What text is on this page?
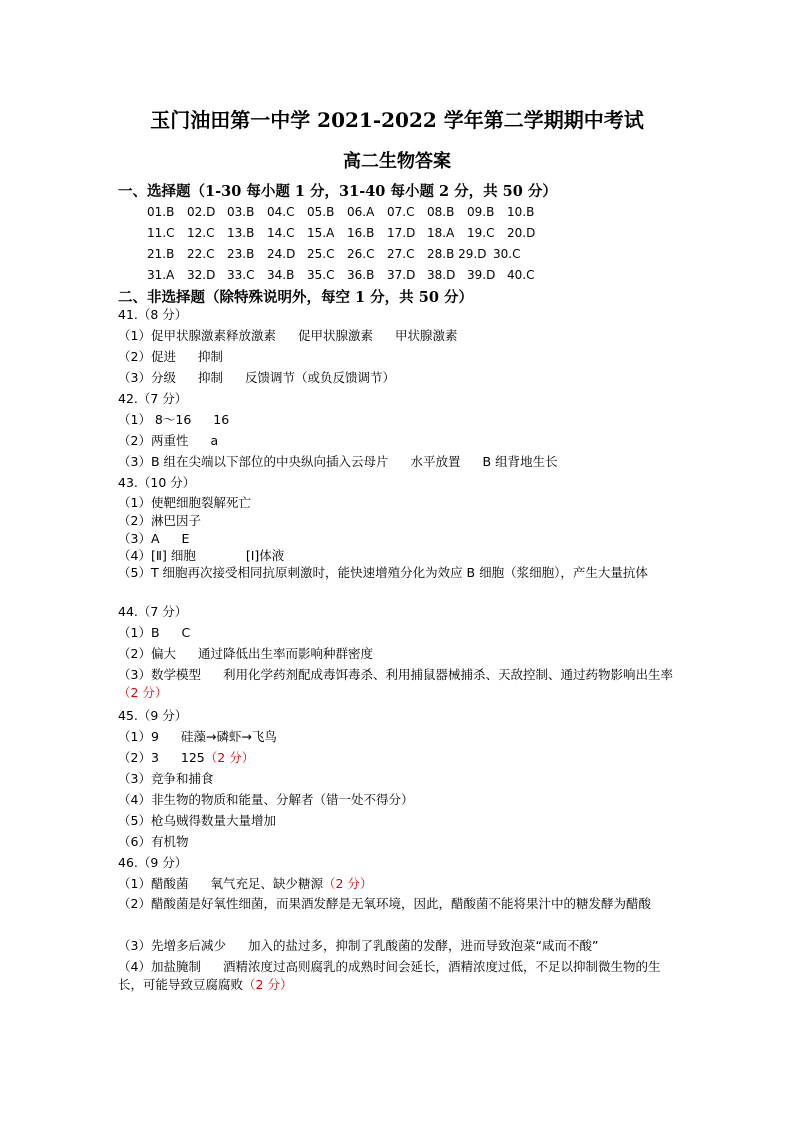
玉门油田第一中学 2021-2022 学年第二学期期中考试
高二生物答案
一、选择题（1-30 每小题 1 分，31-40 每小题 2 分，共 50 分）
01.B 02.D 03.B 04.C 05.B 06.A 07.C 08.B 09.B 10.B
11.C 12.C 13.B 14.C 15.A 16.B 17.D 18.A 19.C 20.D
21.B 22.C 23.B 24.D 25.C 26.C 27.C 28.B 29.D 30.C
31.A 32.D 33.C 34.B 35.C 36.B 37.D 38.D 39.D 40.C
二、非选择题（除特殊说明外，每空 1 分，共 50 分）
41.（8 分）
（1）促甲状腺激素释放激素 促甲状腺激素 甲状腺激素
（2）促进 抑制
（3）分级 抑制 反馈调节（或负反馈调节）
42.（7 分）
（1） 8～16 16
（2）两重性 a
（3）B 组在尖端以下部位的中央纵向插入云母片 水平放置 B 组背地生长
43.（10 分）
（1）使靶细胞裂解死亡
（2）淋巴因子
（3）A E
（4）[Ⅱ] 细胞	[Ⅰ]体液
（5）T 细胞再次接受相同抗原刺激时，能快速增殖分化为效应 B 细胞（浆细胞），产生大量抗体
44.（7 分）
（1）B C
（2）偏大 通过降低出生率而影响种群密度
（3）数学模型 利用化学药剂配成毒饵毒杀、利用捕鼠器械捕杀、天敌控制、通过药物影响出生率（2 分）
45.（9 分）
（1）9 硅藻→磷虾→飞鸟
（2）3 125（2 分）
（3）竞争和捕食
（4）非生物的物质和能量、分解者（错一处不得分）
（5）枪乌贼得数量大量增加
（6）有机物
46.（9 分）
（1）醋酸菌 氧气充足、缺少糖源（2 分）
（2）醋酸菌是好氧性细菌，而果酒发酵是无氧环境，因此，醋酸菌不能将果汁中的糖发酵为醋酸
（3）先增多后减少 加入的盐过多，抑制了乳酸菌的发酵，进而导致泡菜“咸而不酸”
（4）加盐腌制 酒精浓度过高则腐乳的成熟时间会延长，酒精浓度过低，不足以抑制微生物的生长，可能导致豆腐腐败（2 分）
